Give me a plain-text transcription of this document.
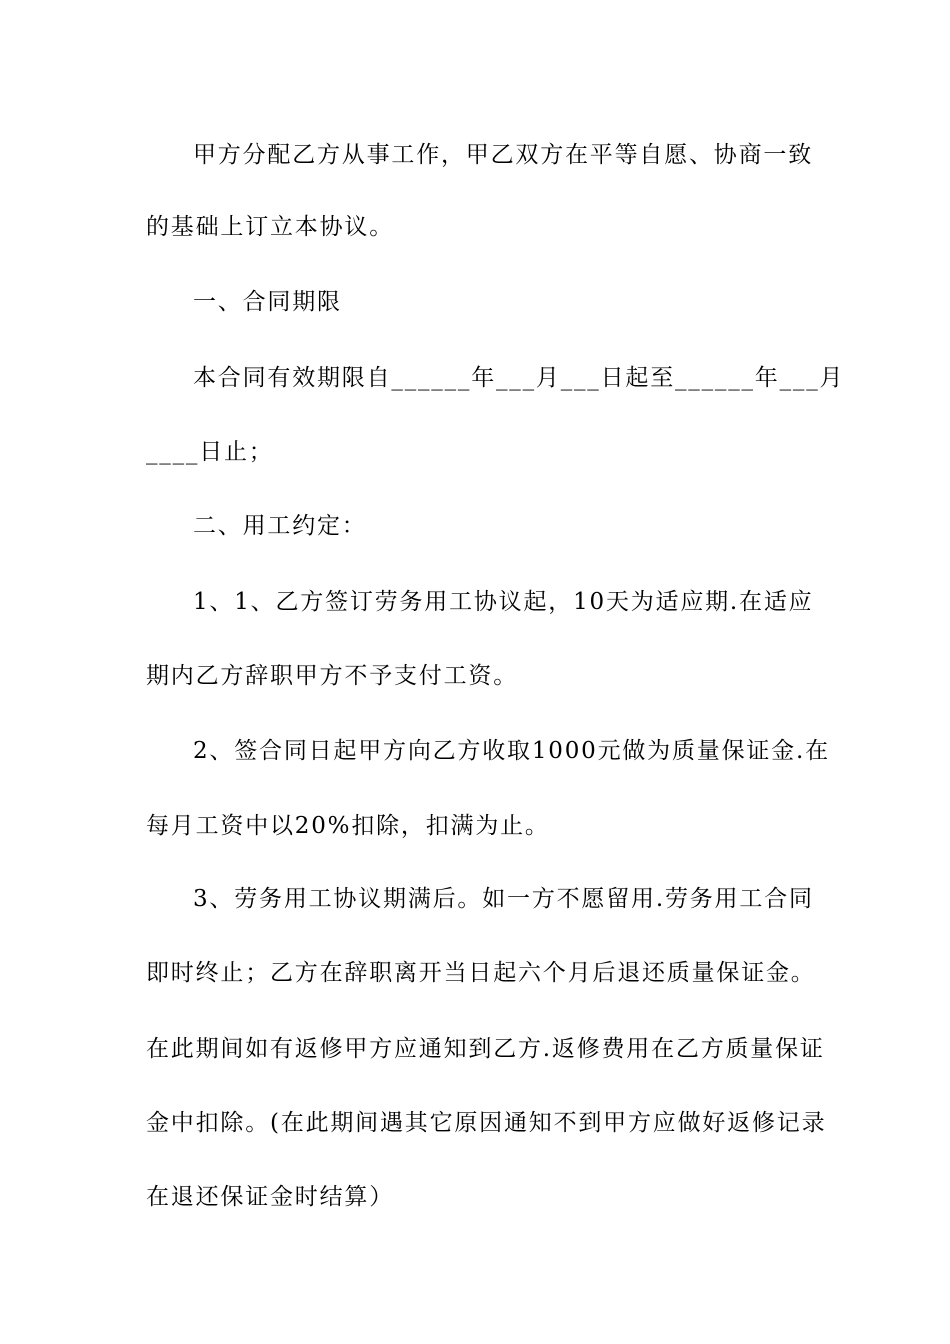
甲方分配乙方从事工作，甲乙双方在平等自愿、协商一致
的基础上订立本协议。
一、合同期限
本合同有效期限自______年___月___日起至______年___月
____日止；
二、用工约定：
1、1、乙方签订劳务用工协议起，10天为适应期.在适应
期内乙方辞职甲方不予支付工资。
2、签合同日起甲方向乙方收取1000元做为质量保证金.在
每月工资中以20%扣除，扣满为止。
3、劳务用工协议期满后。如一方不愿留用.劳务用工合同
即时终止；乙方在辞职离开当日起六个月后退还质量保证金。
在此期间如有返修甲方应通知到乙方.返修费用在乙方质量保证
金中扣除。(在此期间遇其它原因通知不到甲方应做好返修记录
在退还保证金时结算）
